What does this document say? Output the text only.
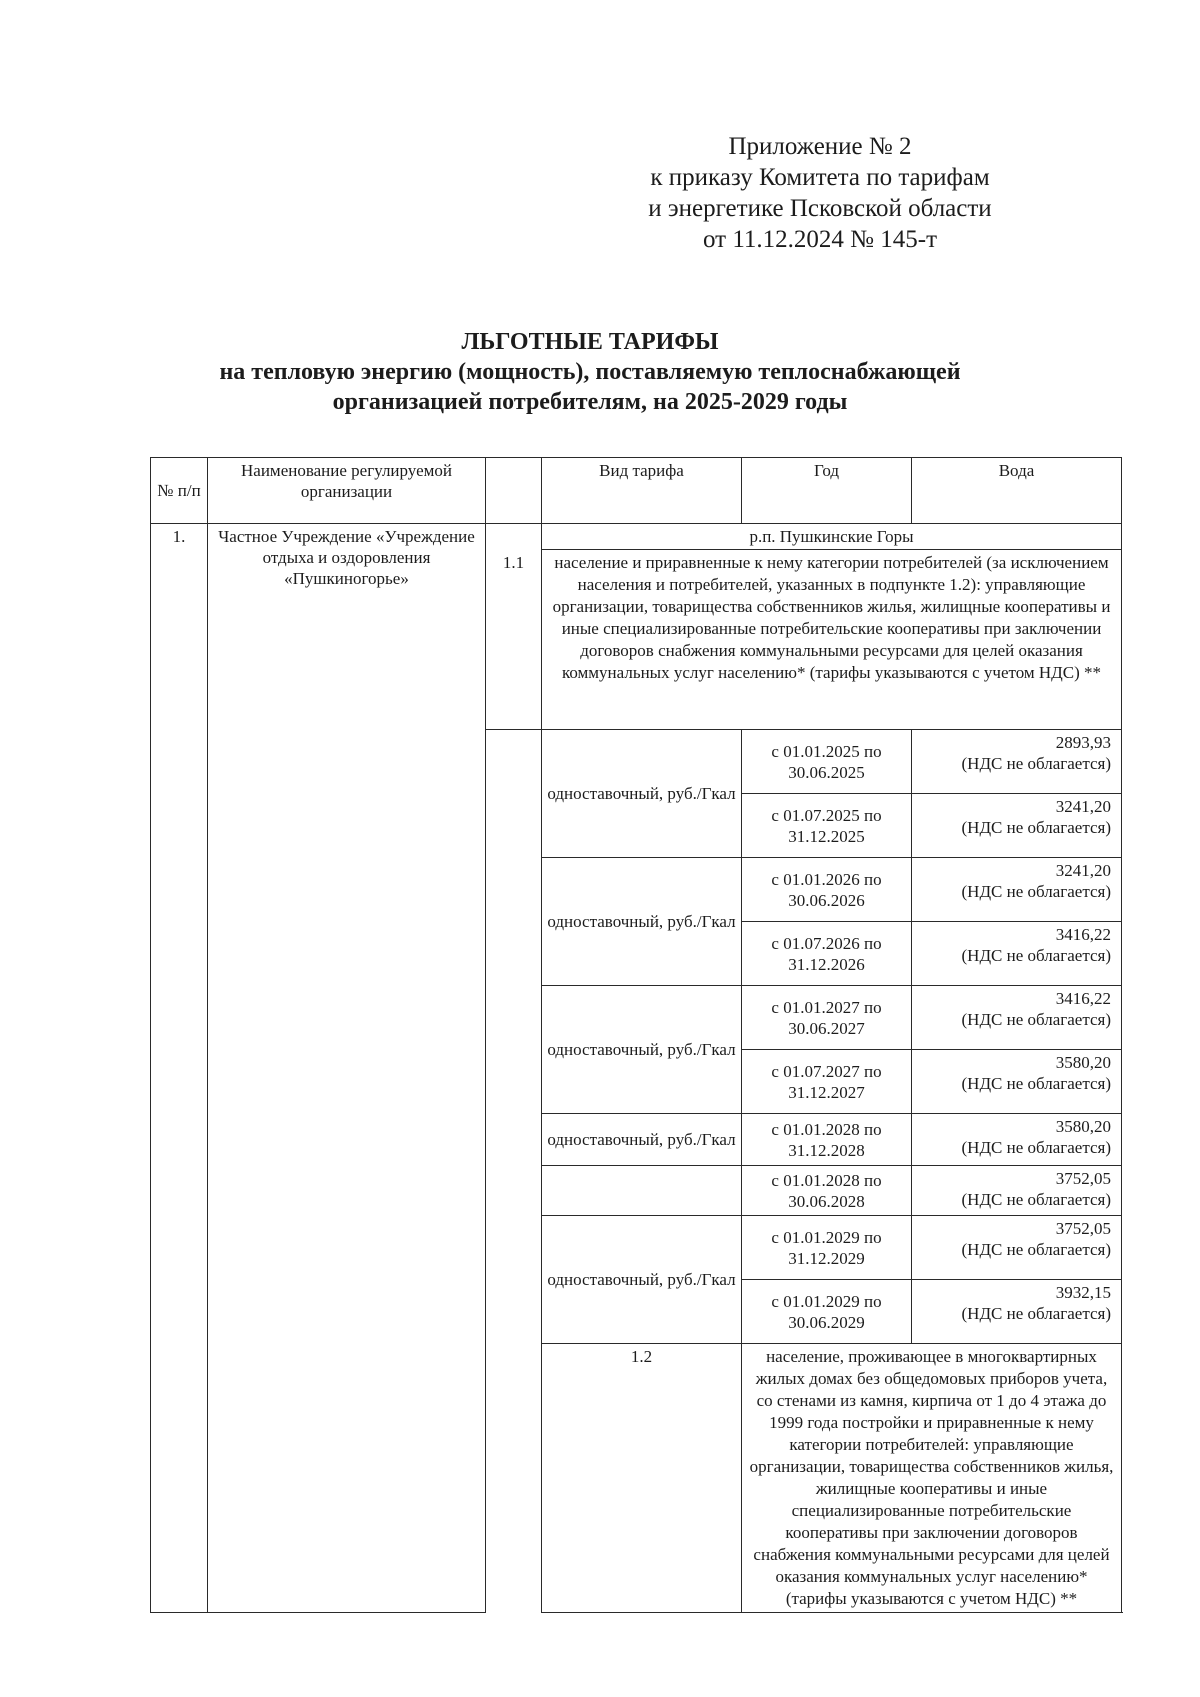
Приложение № 2
к приказу Комитета по тарифам
и энергетике Псковской области
от 11.12.2024 № 145-т
ЛЬГОТНЫЕ ТАРИФЫ
на тепловую энергию (мощность), поставляемую теплоснабжающей
организацией потребителям, на 2025-2029 годы
№ п/п	Наименование регулируемой организации		Вид тарифа	Год	Вода
1.	Частное Учреждение «Учреждение отдыха и оздоровления «Пушкиногорье»		р.п. Пушкинские Горы		
		1.1	население и приравненные к нему категории потребителей (за исключением населения и потребителей, указанных в подпункте 1.2): управляющие организации, товарищества собственников жилья, жилищные кооперативы и иные специализированные потребительские кооперативы при заключении договоров снабжения коммунальными ресурсами для целей оказания коммунальных услуг населению* (тарифы указываются с учетом НДС) **		
			одноставочный, руб./Гкал	с 01.01.2025 по 30.06.2025	2893,93
(НДС не облагается)

				с 01.07.2025 по 31.12.2025	3241,20
(НДС не облагается)

			одноставочный, руб./Гкал	с 01.01.2026 по 30.06.2026	3241,20
(НДС не облагается)

				с 01.07.2026 по 31.12.2026	3416,22
(НДС не облагается)

			одноставочный, руб./Гкал	с 01.01.2027 по 30.06.2027	3416,22
(НДС не облагается)

				с 01.07.2027 по 31.12.2027	3580,20
(НДС не облагается)

			одноставочный, руб./Гкал	с 01.01.2028 по 31.12.2028	3580,20
(НДС не облагается)

				с 01.01.2028 по 30.06.2028	3752,05
(НДС не облагается)

			одноставочный, руб./Гкал	с 01.01.2029 по 31.12.2029	3752,05
(НДС не облагается)

				с 01.01.2029 по 30.06.2029	3932,15
(НДС не облагается)

			1.2	население, проживающее в многоквартирных жилых домах без общедомовых приборов учета, со стенами из камня, кирпича от 1 до 4 этажа до 1999 года постройки и приравненные к нему категории потребителей: управляющие организации, товарищества собственников жилья, жилищные кооперативы и иные специализированные потребительские кооперативы при заключении договоров снабжения коммунальными ресурсами для целей оказания коммунальных услуг населению* (тарифы указываются с учетом НДС) **	
